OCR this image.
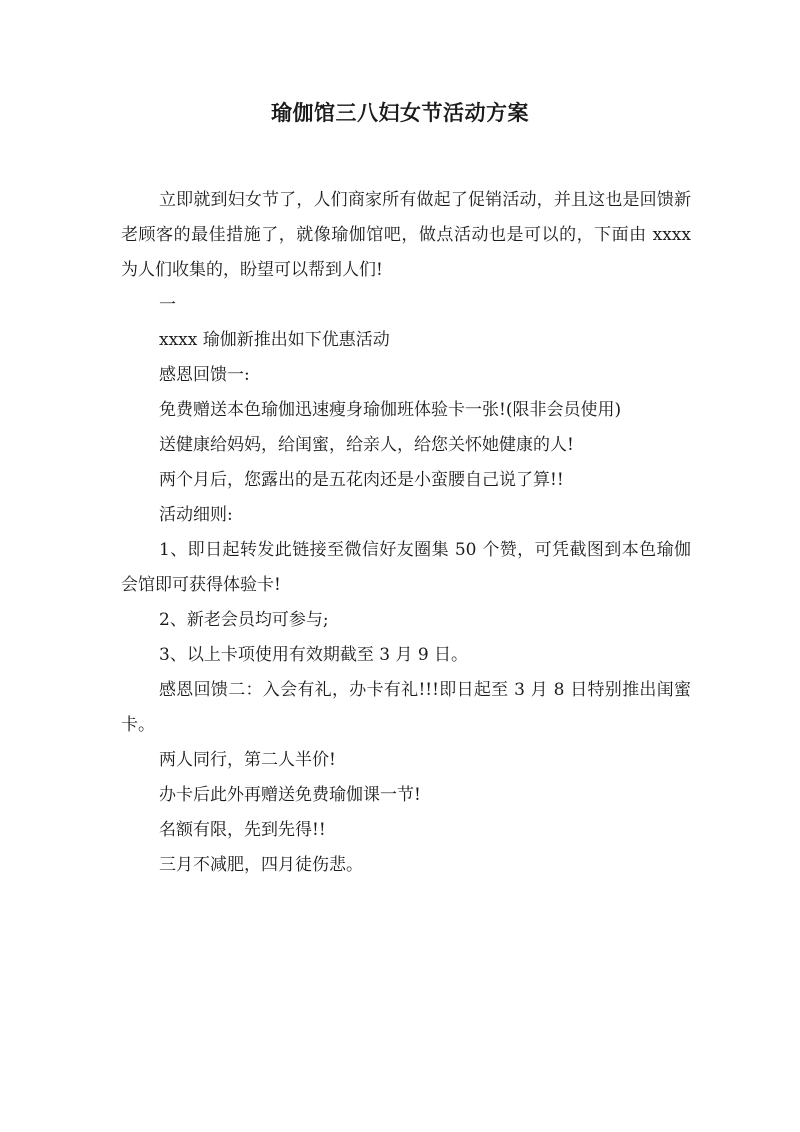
瑜伽馆三八妇女节活动方案

立即就到妇女节了，人们商家所有做起了促销活动，并且这也是回馈新老顾客的最佳措施了，就像瑜伽馆吧，做点活动也是可以的，下面由 xxxx 为人们收集的，盼望可以帮到人们!

一

xxxx 瑜伽新推出如下优惠活动

感恩回馈一:

免费赠送本色瑜伽迅速瘦身瑜伽班体验卡一张!(限非会员使用)

送健康给妈妈，给闺蜜，给亲人，给您关怀她健康的人!

两个月后，您露出的是五花肉还是小蛮腰自己说了算!!

活动细则:

1、即日起转发此链接至微信好友圈集 50 个赞，可凭截图到本色瑜伽会馆即可获得体验卡!

2、新老会员均可参与;

3、以上卡项使用有效期截至 3 月 9 日。

感恩回馈二：入会有礼，办卡有礼!!!即日起至 3 月 8 日特别推出闺蜜卡。

两人同行，第二人半价!

办卡后此外再赠送免费瑜伽课一节!

名额有限，先到先得!!

三月不减肥，四月徒伤悲。
